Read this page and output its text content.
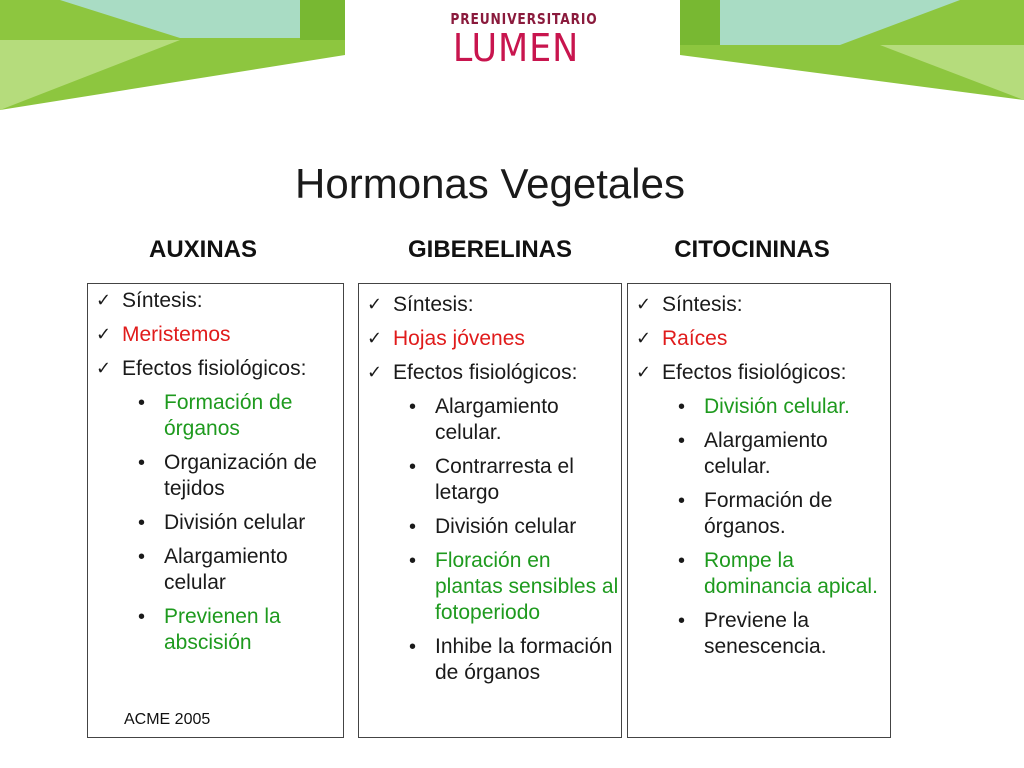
PREUNIVERSITARIO
LUMEN
Hormonas Vegetales
AUXINAS	GIBERELINAS	CITOCININAS
✓ Síntesis:
✓ Meristemos
✓ Efectos fisiológicos:
• Formación de órganos
• Organización de tejidos
• División celular
• Alargamiento celular
• Previenen la abscisión
ACME 2005
✓ Síntesis:
✓ Hojas jóvenes
✓ Efectos fisiológicos:
• Alargamiento celular.
• Contrarresta el letargo
• División celular
• Floración en plantas sensibles al fotoperiodo
• Inhibe la formación de órganos
✓ Síntesis:
✓ Raíces
✓ Efectos fisiológicos:
• División celular.
• Alargamiento celular.
• Formación de órganos.
• Rompe la dominancia apical.
• Previene la senescencia.
